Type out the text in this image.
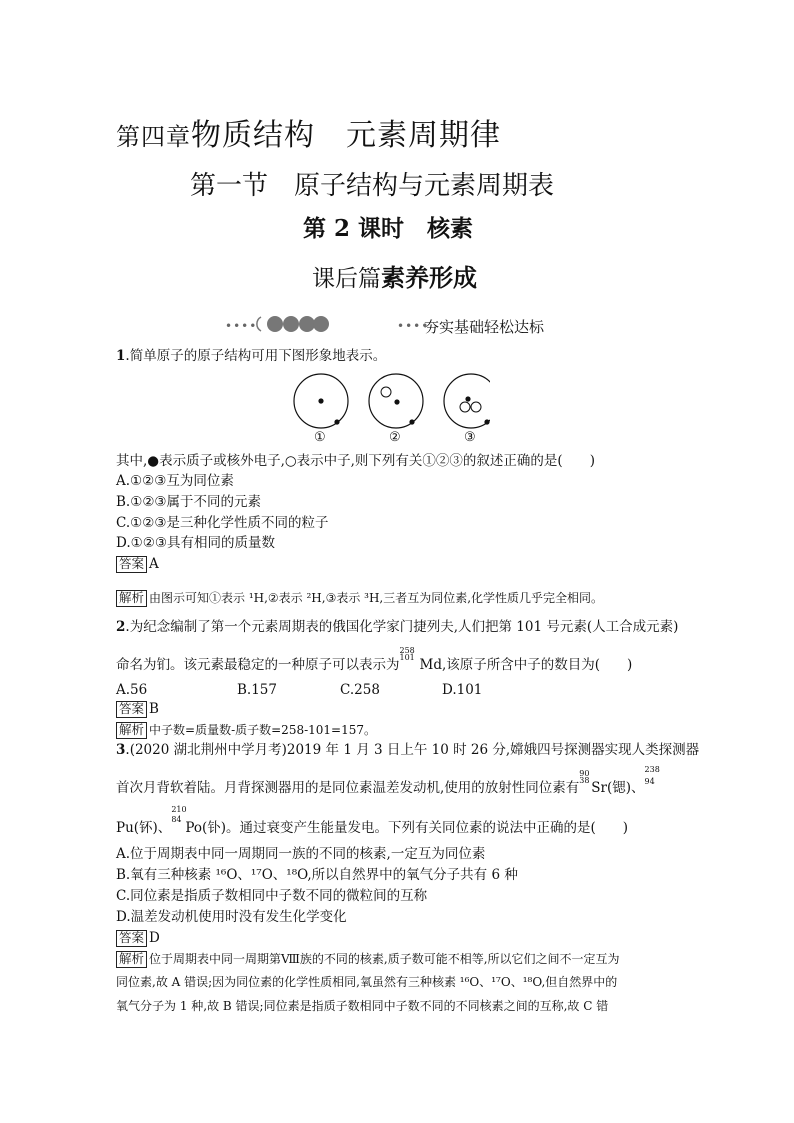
第四章物质结构　元素周期律
第一节　原子结构与元素周期表
第 2 课时　核素
课后篇素养形成
••••	••••
夯实基础轻松达标
1.简单原子的原子结构可用下图形象地表示。
①	②	③
其中,●表示质子或核外电子,○表示中子,则下列有关①②③的叙述正确的是(　　)
A.①②③互为同位素
B.①②③属于不同的元素
C.①②③是三种化学性质不同的粒子
D.①②③具有相同的质量数
答案 A
解析 由图示可知①表示 ¹H,②表示 ²H,③表示 ³H,三者互为同位素,化学性质几乎完全相同。
2.为纪念编制了第一个元素周期表的俄国化学家门捷列夫,人们把第 101 号元素(人工合成元素)
命名为钔。该元素最稳定的一种原子可以表示为
258
101 Md,该原子所含中子的数目为(　　)
A.56	B.157	C.258	D.101
答案 B
解析 中子数=质量数-质子数=258-101=157。
3.(2020 湖北荆州中学月考)2019 年 1 月 3 日上午 10 时 26 分,嫦娥四号探测器实现人类探测器
首次月背软着陆。月背探测器用的是同位素温差发动机,使用的放射性同位素有
90
38 Sr(锶)、
238
94
Pu(钚)、
210
84
Po(钋)。通过衰变产生能量发电。下列有关同位素的说法中正确的是(　　)
A.位于周期表中同一周期同一族的不同的核素,一定互为同位素
B.氧有三种核素 ¹⁶O、¹⁷O、¹⁸O,所以自然界中的氧气分子共有 6 种
C.同位素是指质子数相同中子数不同的微粒间的互称
D.温差发动机使用时没有发生化学变化
答案 D
解析 位于周期表中同一周期第Ⅷ族的不同的核素,质子数可能不相等,所以它们之间不一定互为
同位素,故 A 错误;因为同位素的化学性质相同,氧虽然有三种核素 ¹⁶O、¹⁷O、¹⁸O,但自然界中的
氧气分子为 1 种,故 B 错误;同位素是指质子数相同中子数不同的不同核素之间的互称,故 C 错
